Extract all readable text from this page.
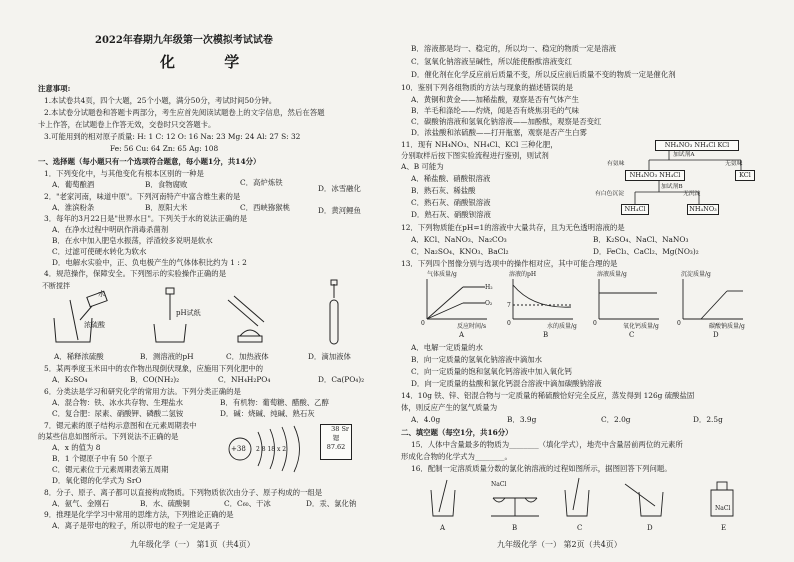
2022年春期九年级第一次模拟考试试卷
化 学
注意事项:
1.本试卷共4页，四个大题，25个小题，满分50分，考试时间50分钟。
2.本试卷分试题卷和答题卡两部分，考生应首先阅读试题卷上的文字信息，然后在答题
卡上作答，在试题卷上作答无效，交卷时只交答题卡。
3.可能用到的相对原子质量: H: 1 C: 12 O: 16 Na: 23 Mg: 24 Al: 27 S: 32
Fe: 56 Cu: 64 Zn: 65 Ag: 108
一、选择题（每小题只有一个选项符合题意，每小题1分，共14分）
1．下列变化中，与其他变化有根本区别的一种是
A．葡萄酿酒	B．食物腐败	C．高炉炼铁
D．冰雪融化
2．"老家河南，味道中原"。下列河南特产中富含维生素的是
A．淮滨粉条	B．原阳大米	C．西峡猕猴桃	D．黄河鲤鱼
3．每年的3月22日是"世界水日"。下列关于水的说法正确的是
A．在净水过程中明矾作消毒杀菌剂
B．在水中加入肥皂水振荡，浮渣较多说明是软水
C．过滤可使硬水转化为软水
D．电解水实验中，正、负电极产生的气体体积比约为 1 : 2
4．规范操作，保障安全。下列图示的实验操作正确的是
不断搅拌
水
浓硫酸
pH试纸
A．稀释浓硫酸	B．测溶液的pH	C．加热液体	D．滴加液体
5．某两季度玉米田中的农作物出现倒伏现象，应施用下列化肥中的
A．K₂SO₄	B．CO(NH₂)₂	C．NH₄H₂PO₄	D．Ca(PO₄)₂
6．分类法是学习和研究化学的常用方法。下列分类正确的是
A．混合物：铁、冰水共存物、生理盐水	B．有机物：葡萄糖、醋酸、乙醇
C．复合肥：尿素、硝酸钾、磷酸二氢铵	D．碱：烧碱、纯碱、熟石灰
7．锶元素的原子结构示意图和在元素周期表中
的某些信息如图所示。下列说法不正确的是
A．x 的值为 8
B．1 个锶原子中有 50 个原子
C．锶元素位于元素周期表第五周期
D．氧化锶的化学式为 SrO
+38 2 8 18 x 2
38 Sr
锶
87.62
8．分子、原子、离子都可以直接构成物质。下列物质依次由分子、原子构成的一组是
A．氨气、金刚石	B．水、硫酸铜	C．C₆₀、干冰	D．汞、氯化钠
9．推理是化学学习中常用的思维方法，下列推论正确的是
A．离子是带电的粒子，所以带电的粒子一定是离子
九年级化学（一） 第1页（共4页）
B．溶液都是均一、稳定的，所以均一、稳定的物质一定是溶液
C．氢氧化钠溶液呈碱性，所以能使酚酞溶液变红
D．催化剂在化学反应前后质量不变，所以反应前后质量不变的物质一定是催化剂
10．鉴别下列各组物质的方法与现象的描述错误的是
A．黄铜和黄金——加稀盐酸，观察是否有气体产生
B．羊毛和涤纶——灼烧，闻是否有烧焦羽毛的气味
C．碳酸钠溶液和氢氧化钠溶液——加酚酞，观察是否变红
D．浓盐酸和浓硫酸——打开瓶塞，观察是否产生白雾
11．现有 NH₄NO₃、NH₄Cl、KCl 三种化肥，
分别取样后按下图实验流程进行鉴别，则试剂
A、B 可能为
A．稀盐酸、硝酸银溶液
B．熟石灰、稀盐酸
C．熟石灰、硝酸银溶液
D．熟石灰、硝酸钡溶液
NH₄NO₃ NH₄Cl KCl
加试剂A
有氨味	无氨味
NH₄NO₃ NH₄Cl	KCl
加试剂B
有白色沉淀	无沉淀
NH₄Cl	NH₄NO₃
12．下列物质能在pH=1的溶液中大量共存，且为无色透明溶液的是
A．KCl、NaNO₃、Na₂CO₃	B．K₂SO₄、NaCl、NaNO₃
C．Na₂SO₄、KNO₃、BaCl₂	D．FeCl₃、CaCl₂、Mg(NO₃)₂
13．下列四个图像分别与选项中的操作相对应，其中可能合理的是
气体质量/g	溶液的pH	溶液质量/g	沉淀质量/g
H₂
O₂ 7
0	0	0	0
反应时间/s	水的质量/g	氧化钙质量/g	碳酸钠质量/g
A	B	C	D
A．电解一定质量的水
B．向一定质量的氢氧化钠溶液中滴加水
C．向一定质量的饱和氢氧化钙溶液中加入氧化钙
D．向一定质量的盐酸和氯化钙混合溶液中滴加碳酸钠溶液
14．10g 铁、锌、铝混合物与一定质量的稀硫酸恰好完全反应，蒸发得到 126g 硫酸盐固
体，则反应产生的氢气质量为
A．4.0g	B．3.9g	C．2.0g	D．2.5g
二、填空题（每空1分，共16分）
15．人体中含量最多的物质为________（填化学式），地壳中含量居前两位的元素所
形成化合物的化学式为________。
16．配制一定溶质质量分数的氯化钠溶液的过程如图所示，据图回答下列问题。
NaCl
NaCl
A	B	C	D	E
九年级化学（一） 第2页（共4页）
